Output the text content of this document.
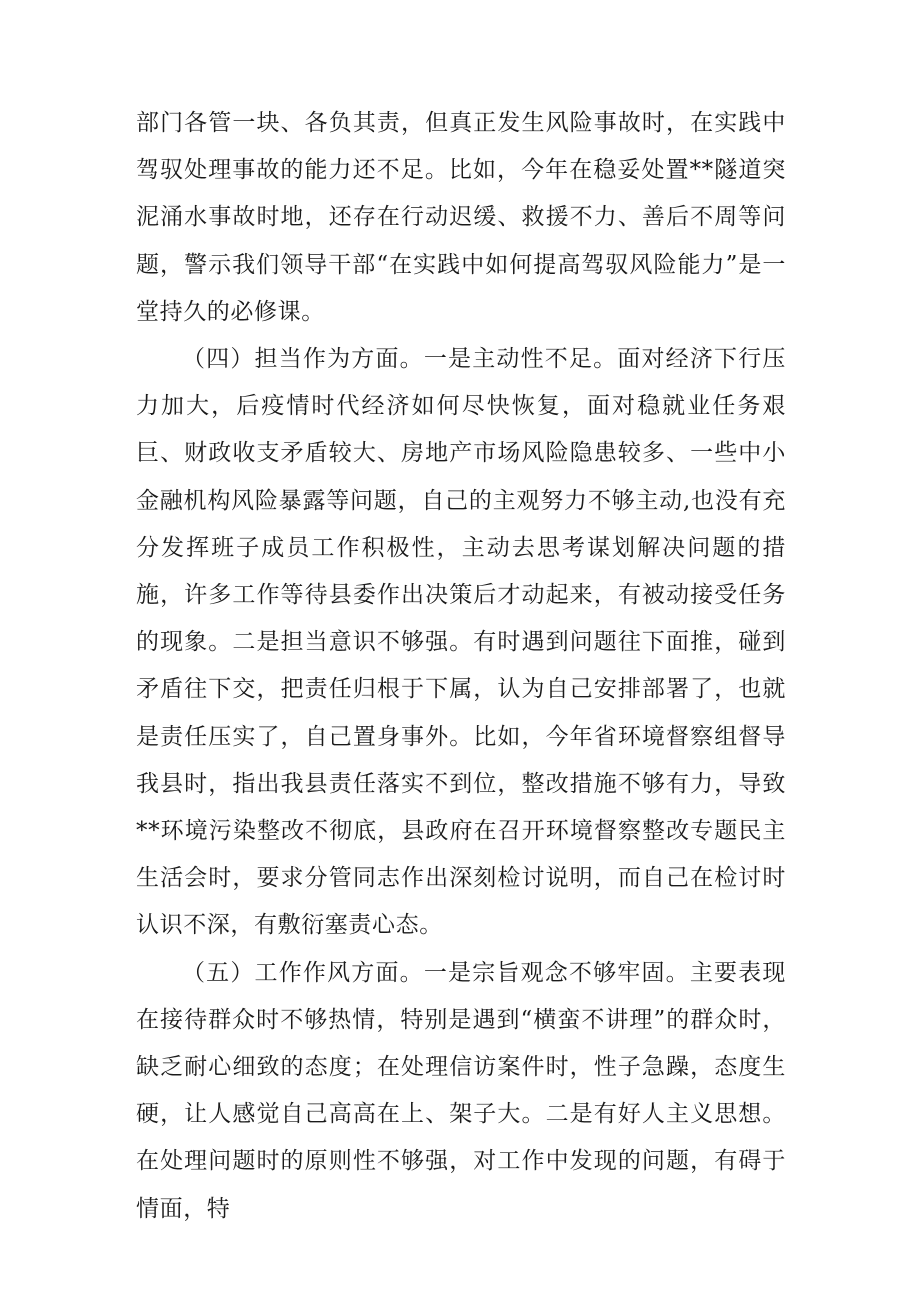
部门各管一块、各负其责，但真正发生风险事故时，在实践中驾驭处理事故的能力还不足。比如，今年在稳妥处置**隧道突泥涌水事故时地，还存在行动迟缓、救援不力、善后不周等问题，警示我们领导干部“在实践中如何提高驾驭风险能力”是一堂持久的必修课。

（四）担当作为方面。一是主动性不足。面对经济下行压力加大，后疫情时代经济如何尽快恢复，面对稳就业任务艰巨、财政收支矛盾较大、房地产市场风险隐患较多、一些中小金融机构风险暴露等问题，自己的主观努力不够主动,也没有充分发挥班子成员工作积极性，主动去思考谋划解决问题的措施，许多工作等待县委作出决策后才动起来，有被动接受任务的现象。二是担当意识不够强。有时遇到问题往下面推，碰到矛盾往下交，把责任归根于下属，认为自己安排部署了，也就是责任压实了，自己置身事外。比如，今年省环境督察组督导我县时，指出我县责任落实不到位，整改措施不够有力，导致**环境污染整改不彻底，县政府在召开环境督察整改专题民主生活会时，要求分管同志作出深刻检讨说明，而自己在检讨时认识不深，有敷衍塞责心态。

（五）工作作风方面。一是宗旨观念不够牢固。主要表现在接待群众时不够热情，特别是遇到“横蛮不讲理”的群众时，缺乏耐心细致的态度；在处理信访案件时，性子急躁，态度生硬，让人感觉自己高高在上、架子大。二是有好人主义思想。在处理问题时的原则性不够强，对工作中发现的问题，有碍于情面，特
